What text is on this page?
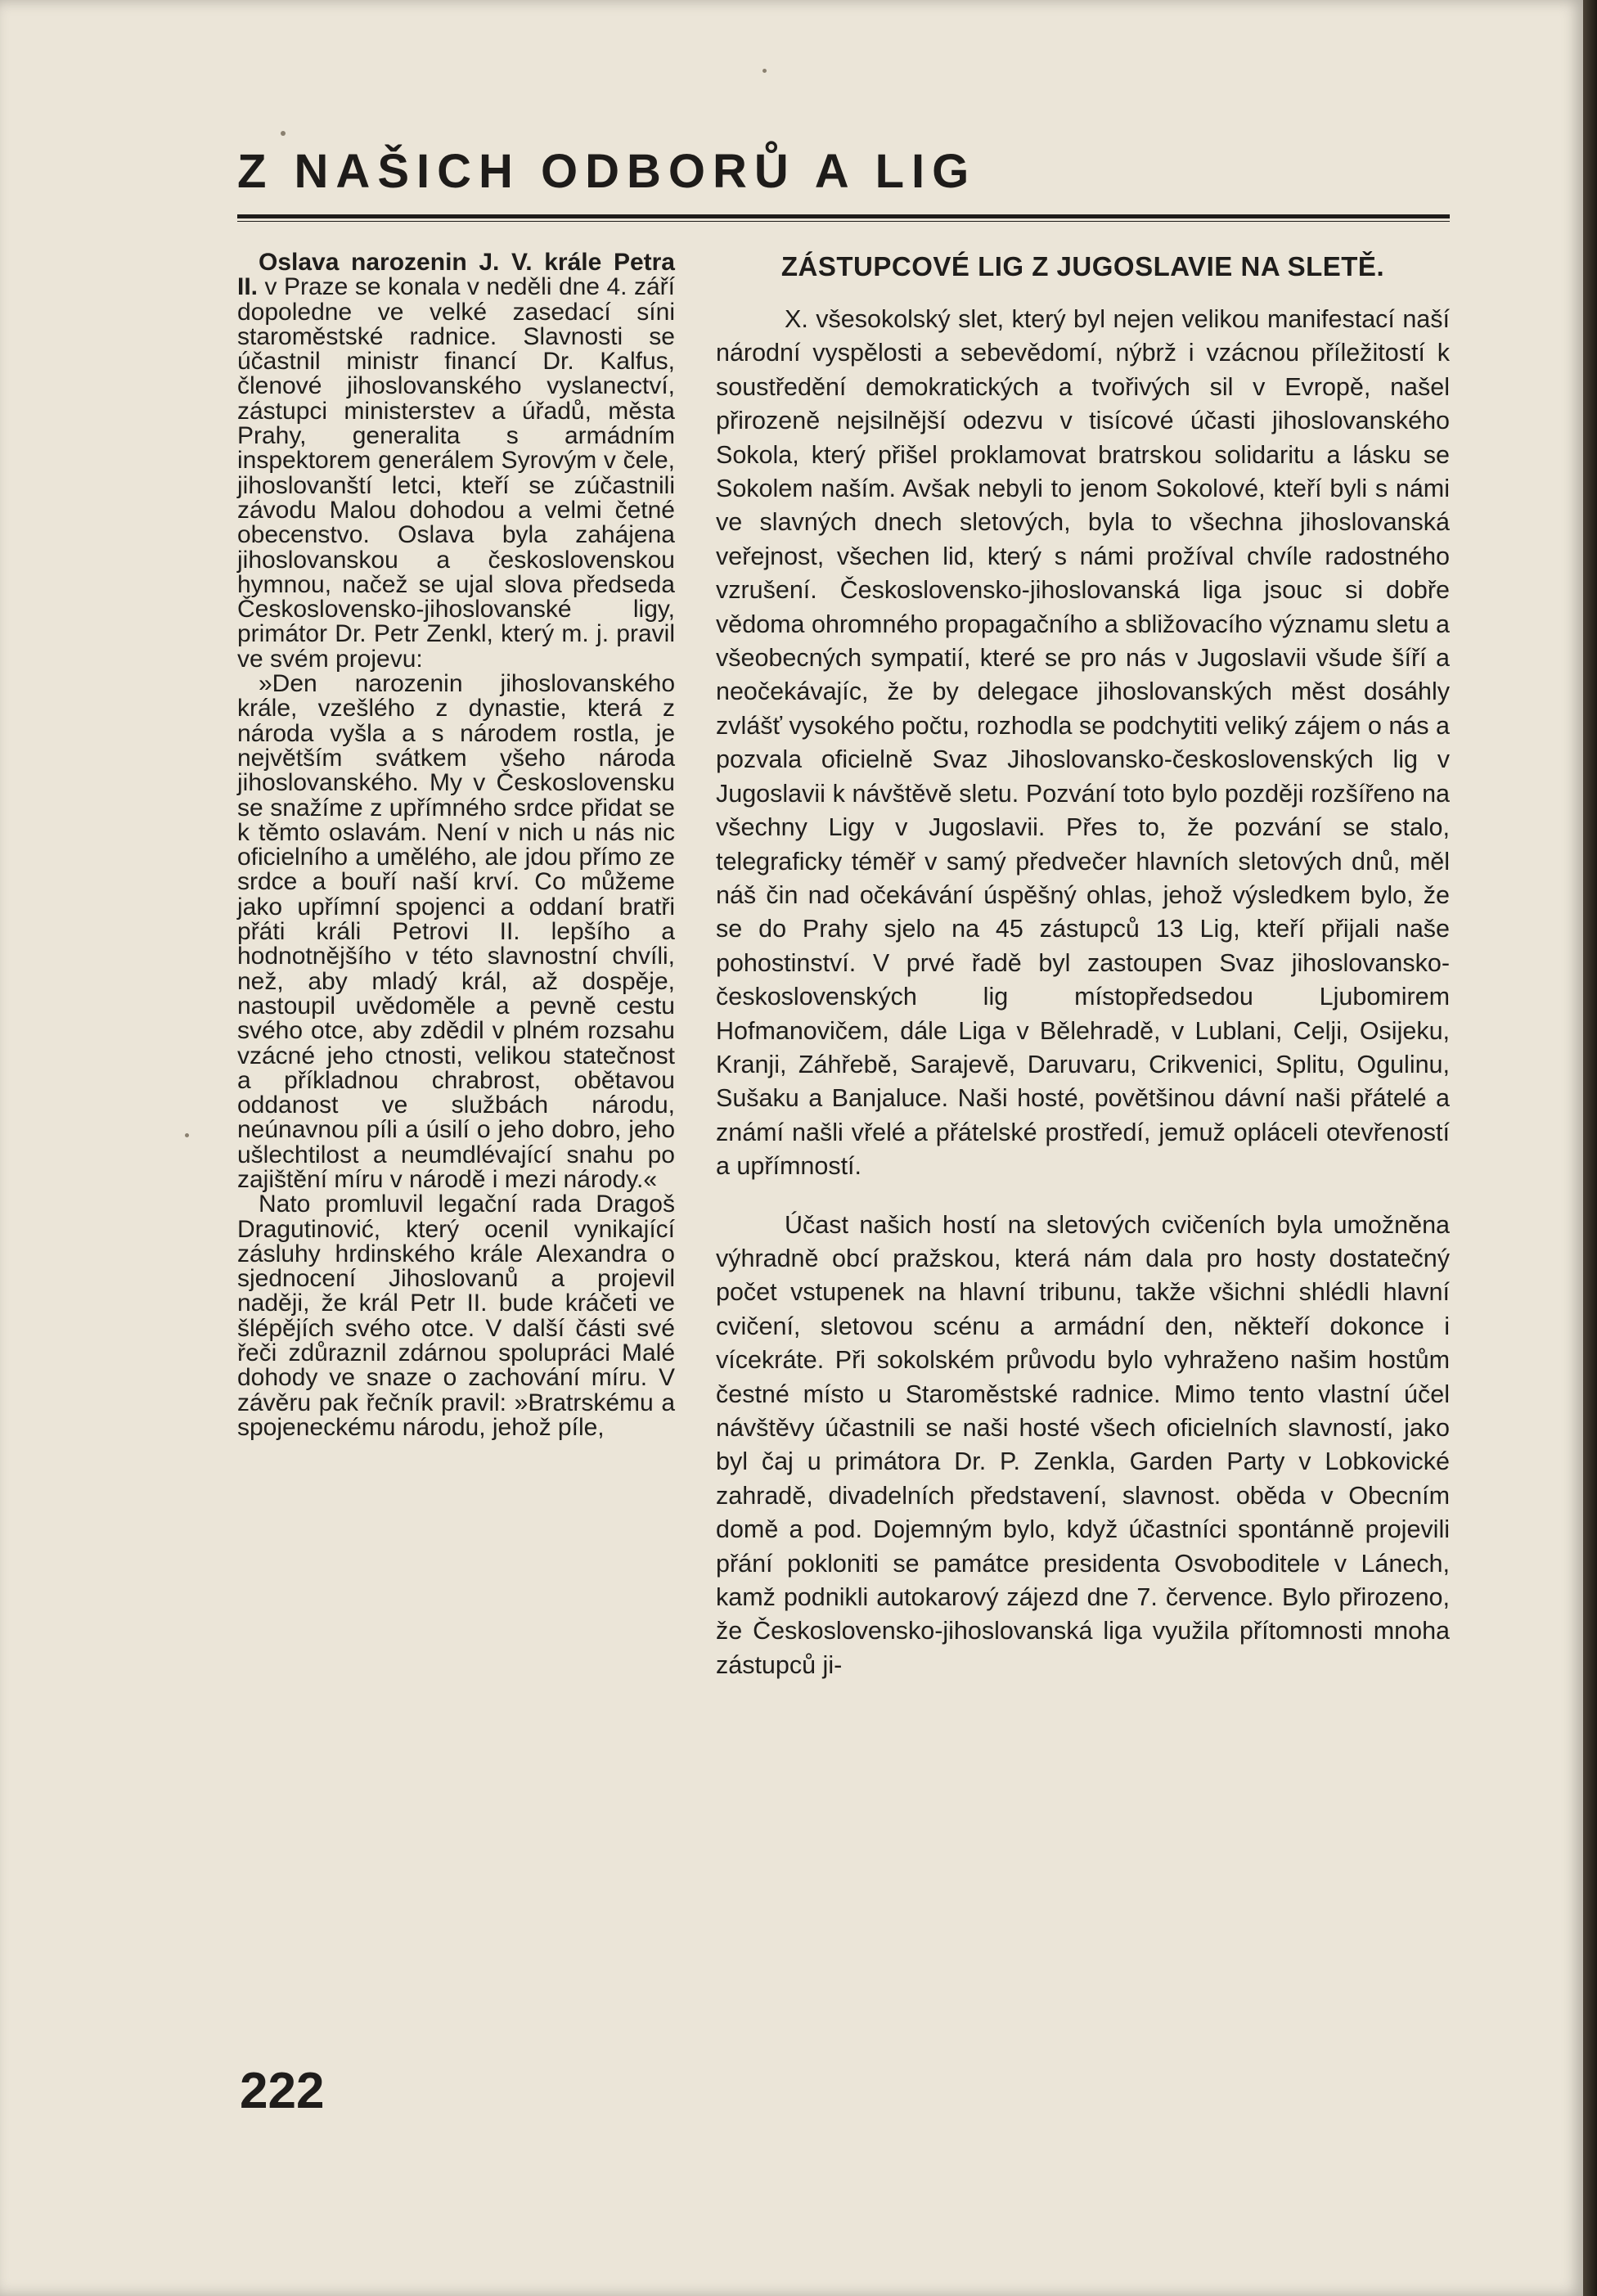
Z NAŠICH ODBORŮ A LIG

Oslava narozenin J. V. krále Petra II. v Praze se konala v neděli dne 4. září dopoledne ve velké zasedací síni staroměstské radnice. Slavnosti se účastnil ministr financí Dr. Kalfus, členové jihoslovanského vyslanectví, zástupci ministerstev a úřadů, města Prahy, generalita s armádním inspektorem generálem Syrovým v čele, jihoslovanští letci, kteří se zúčastnili závodu Malou dohodou a velmi četné obecenstvo. Oslava byla zahájena jihoslovanskou a československou hymnou, načež se ujal slova předseda Československo-jihoslovanské ligy, primátor Dr. Petr Zenkl, který m. j. pravil ve svém projevu:

»Den narozenin jihoslovanského krále, vzešlého z dynastie, která z národa vyšla a s národem rostla, je největším svátkem všeho národa jihoslovanského. My v Československu se snažíme z upřímného srdce přidat se k těmto oslavám. Není v nich u nás nic oficielního a umělého, ale jdou přímo ze srdce a bouří naší krví. Co můžeme jako upřímní spojenci a oddaní bratři přáti králi Petrovi II. lepšího a hodnotnějšího v této slavnostní chvíli, než, aby mladý král, až dospěje, nastoupil uvědoměle a pevně cestu svého otce, aby zdědil v plném rozsahu vzácné jeho ctnosti, velikou statečnost a příkladnou chrabrost, obětavou oddanost ve službách národu, neúnavnou píli a úsilí o jeho dobro, jeho ušlechtilost a neumdlévající snahu po zajištění míru v národě i mezi národy.«

Nato promluvil legační rada Dragoš Dragutinović, který ocenil vynikající zásluhy hrdinského krále Alexandra o sjednocení Jihoslovanů a projevil naději, že král Petr II. bude kráčeti ve šlépějích svého otce. V další části své řeči zdůraznil zdárnou spolupráci Malé dohody ve snaze o zachování míru. V závěru pak řečník pravil: »Bratrskému a spojeneckému národu, jehož píle,

ZÁSTUPCOVÉ LIG Z JUGOSLAVIE NA SLETĚ.

X. všesokolský slet, který byl nejen velikou manifestací naší národní vyspělosti a sebevědomí, nýbrž i vzácnou příležitostí k soustředění demokratických a tvořivých sil v Evropě, našel přirozeně nejsilnější odezvu v tisícové účasti jihoslovanského Sokola, který přišel proklamovat bratrskou solidaritu a lásku se Sokolem naším. Avšak nebyli to jenom Sokolové, kteří byli s námi ve slavných dnech sletových, byla to všechna jihoslovanská veřejnost, všechen lid, který s námi prožíval chvíle radostného vzrušení. Československo-jihoslovanská liga jsouc si dobře vědoma ohromného propagačního a sbližovacího významu sletu a všeobecných sympatií, které se pro nás v Jugoslavii všude šíří a neočekávajíc, že by delegace jihoslovanských měst dosáhly zvlášť vysokého počtu, rozhodla se podchytiti veliký zájem o nás a pozvala oficielně Svaz Jihoslovansko-československých lig v Jugoslavii k návštěvě sletu. Pozvání toto bylo později rozšířeno na všechny Ligy v Jugoslavii. Přes to, že pozvání se stalo, telegraficky téměř v samý předvečer hlavních sletových dnů, měl náš čin nad očekávání úspěšný ohlas, jehož výsledkem bylo, že se do Prahy sjelo na 45 zástupců 13 Lig, kteří přijali naše pohostinství. V prvé řadě byl zastoupen Svaz jihoslovansko-československých lig místopředsedou Ljubomirem Hofmanovičem, dále Liga v Bělehradě, v Lublani, Celji, Osijeku, Kranji, Záhřebě, Sarajevě, Daruvaru, Crikvenici, Splitu, Ogulinu, Sušaku a Banjaluce. Naši hosté, povětšinou dávní naši přátelé a známí našli vřelé a přátelské prostředí, jemuž opláceli otevřeností a upřímností.

Účast našich hostí na sletových cvičeních byla umožněna výhradně obcí pražskou, která nám dala pro hosty dostatečný počet vstupenek na hlavní tribunu, takže všichni shlédli hlavní cvičení, sletovou scénu a armádní den, někteří dokonce i vícekráte. Při sokolském průvodu bylo vyhraženo našim hostům čestné místo u Staroměstské radnice. Mimo tento vlastní účel návštěvy účastnili se naši hosté všech oficielních slavností, jako byl čaj u primátora Dr. P. Zenkla, Garden Party v Lobkovické zahradě, divadelních představení, slavnost. oběda v Obecním domě a pod. Dojemným bylo, když účastníci spontánně projevili přání pokloniti se památce presidenta Osvoboditele v Lánech, kamž podnikli autokarový zájezd dne 7. července. Bylo přirozeno, že Československo-jihoslovanská liga využila přítomnosti mnoha zástupců ji-

222
